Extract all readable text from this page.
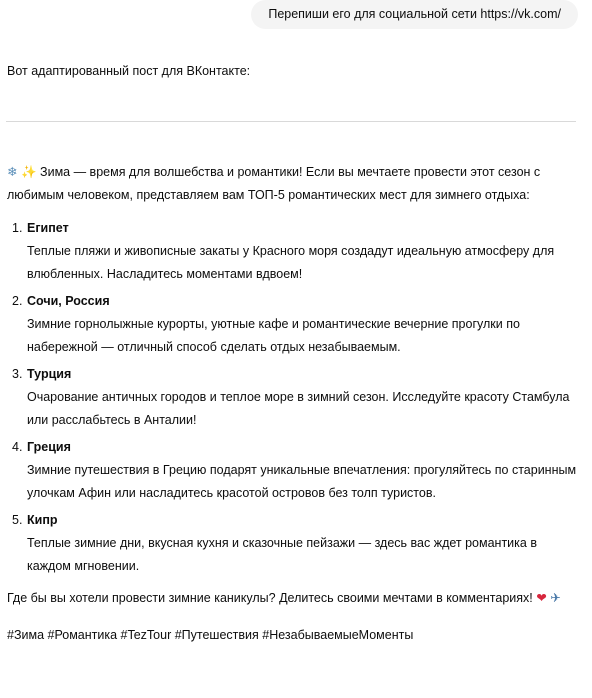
Перепиши его для социальной сети https://vk.com/

Вот адаптированный пост для ВКонтакте:

❄ ✨ Зима — время для волшебства и романтики! Если вы мечтаете провести этот сезон с любимым человеком, представляем вам ТОП-5 романтических мест для зимнего отдыха:

1. Египет
Теплые пляжи и живописные закаты у Красного моря создадут идеальную атмосферу для влюбленных. Насладитесь моментами вдвоем!
2. Сочи, Россия
Зимние горнолыжные курорты, уютные кафе и романтические вечерние прогулки по набережной — отличный способ сделать отдых незабываемым.
3. Турция
Очарование античных городов и теплое море в зимний сезон. Исследуйте красоту Стамбула или расслабьтесь в Анталии!
4. Греция
Зимние путешествия в Грецию подарят уникальные впечатления: прогуляйтесь по старинным улочкам Афин или насладитесь красотой островов без толп туристов.
5. Кипр
Теплые зимние дни, вкусная кухня и сказочные пейзажи — здесь вас ждет романтика в каждом мгновении.

Где бы вы хотели провести зимние каникулы? Делитесь своими мечтами в комментариях! ❤ ✈

#Зима #Романтика #TezTour #Путешествия #НезабываемыеМоменты
